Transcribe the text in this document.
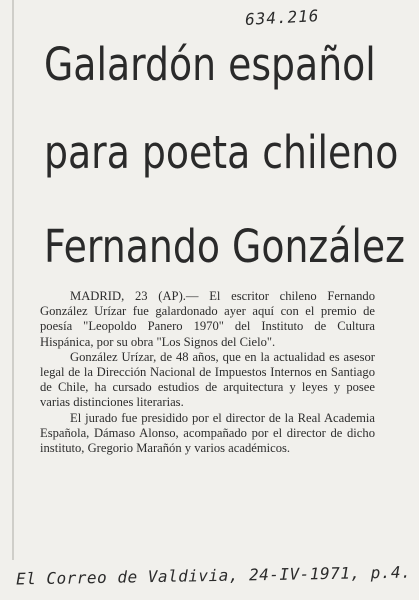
634.216
Galardón español
para poeta chileno
Fernando González

MADRID, 23 (AP).— El escritor chileno Fernando González Urízar fue galardonado ayer aquí con el premio de poesía "Leopoldo Panero 1970" del Instituto de Cultura Hispánica, por su obra "Los Signos del Cielo".

González Urízar, de 48 años, que en la actualidad es asesor legal de la Dirección Nacional de Impuestos Internos en Santiago de Chile, ha cursado estudios de arquitectura y leyes y posee varias distinciones literarias.

El jurado fue presidido por el director de la Real Academia Española, Dámaso Alonso, acompañado por el director de dicho instituto, Gregorio Marañón y varios académicos.

El Correo de Valdivia, 24-IV-1971, p.4.
